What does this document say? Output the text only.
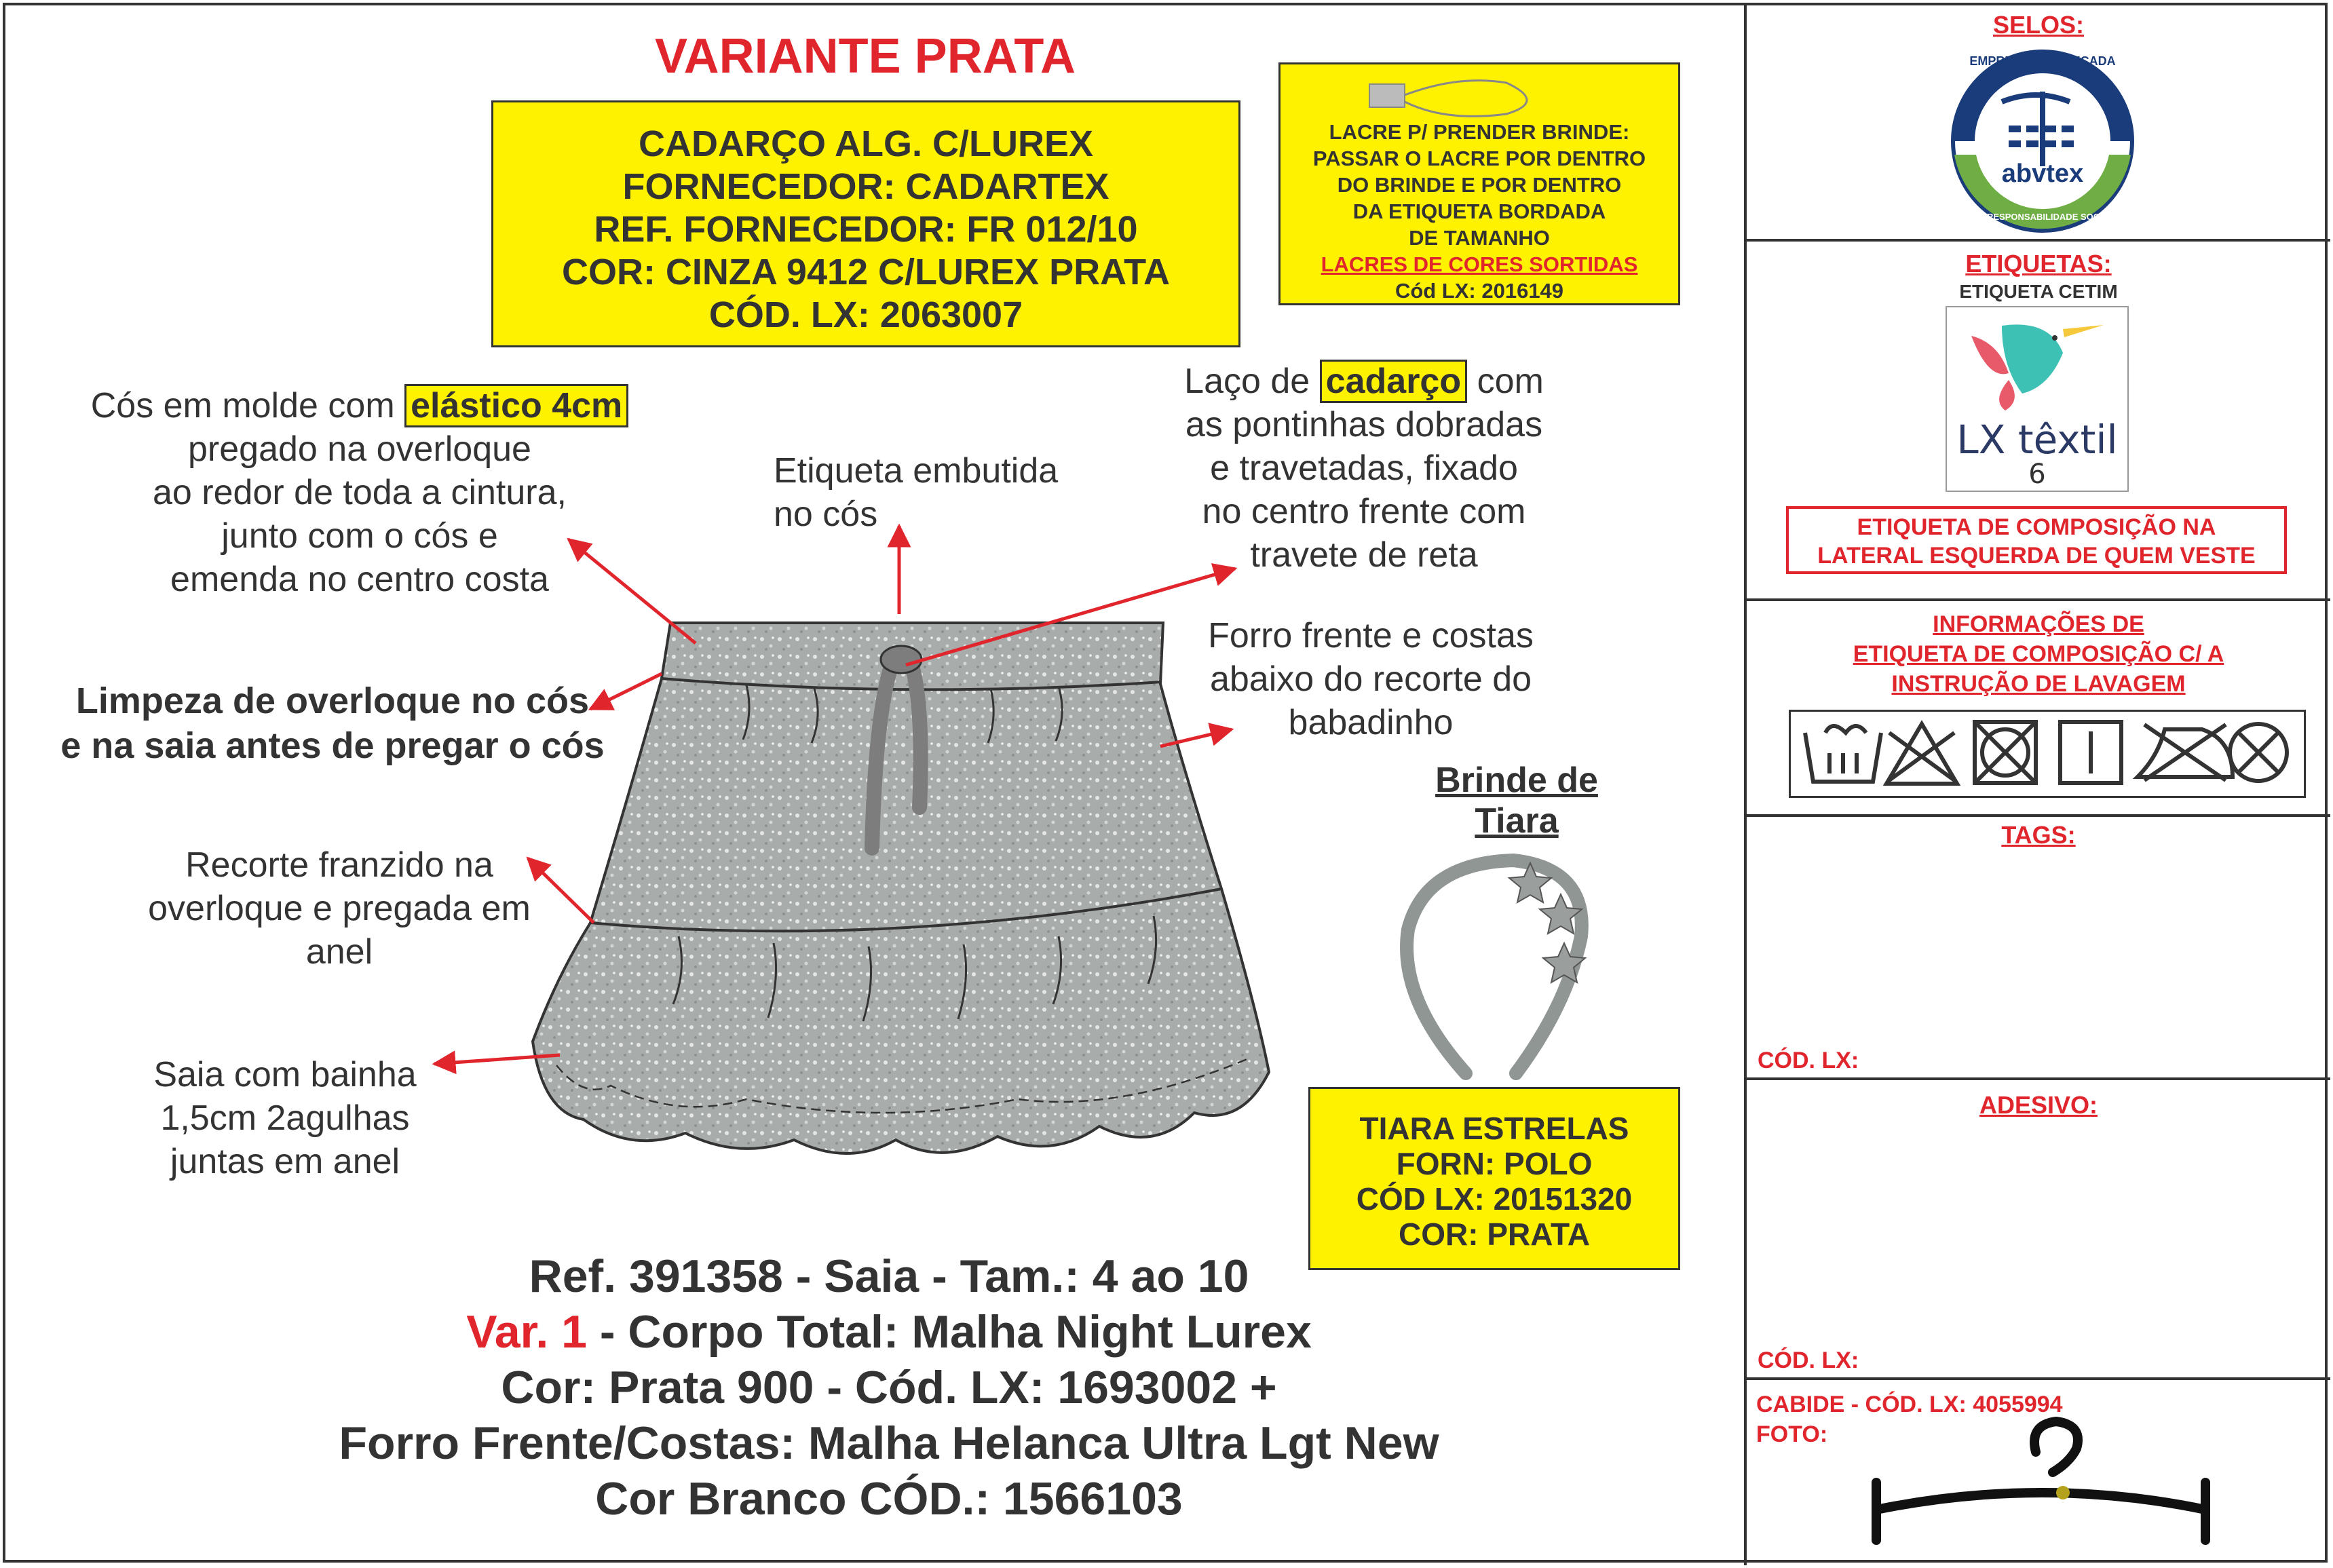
VARIANTE PRATA
CADARÇO ALG. C/LUREX
FORNECEDOR: CADARTEX
REF. FORNECEDOR: FR 012/10
COR: CINZA 9412 C/LUREX PRATA
CÓD. LX: 2063007
LACRE P/ PRENDER BRINDE:
PASSAR O LACRE POR DENTRO
DO BRINDE E POR DENTRO
DA ETIQUETA BORDADA
DE TAMANHO
LACRES DE CORES SORTIDAS
Cód LX: 2016149
Cós em molde com elástico 4cm
pregado na overloque
ao redor de toda a cintura,
junto com o cós e
emenda no centro costa
Etiqueta embutida
no cós
Laço de cadarço com
as pontinhas dobradas
e travetadas, fixado
no centro frente com
travete de reta
Limpeza de overloque no cós
e na saia antes de pregar o cós
Forro frente e costas
abaixo do recorte do
babadinho
Recorte franzido na
overloque e pregada em
anel
Saia com bainha
1,5cm 2agulhas
juntas em anel
Brinde de
Tiara
TIARA ESTRELAS
FORN: POLO
CÓD LX: 20151320
COR: PRATA
Ref. 391358 - Saia - Tam.: 4 ao 10
Var. 1 - Corpo Total: Malha Night Lurex
Cor: Prata 900 - Cód. LX: 1693002 +
Forro Frente/Costas: Malha Helanca Ultra Lgt New
Cor Branco CÓD.: 1566103
abvtex
LX têxtil
6
SELOS:
EMPRESA CERTIFICADA
EM RESPONSABILIDADE SOCIAL
ETIQUETAS:
ETIQUETA CETIM
ETIQUETA DE COMPOSIÇÃO NA
LATERAL ESQUERDA DE QUEM VESTE
INFORMAÇÕES DE
ETIQUETA DE COMPOSIÇÃO C/ A
INSTRUÇÃO DE LAVAGEM
TAGS:
CÓD. LX:
ADESIVO:
CÓD. LX:
CABIDE - CÓD. LX: 4055994
FOTO:
